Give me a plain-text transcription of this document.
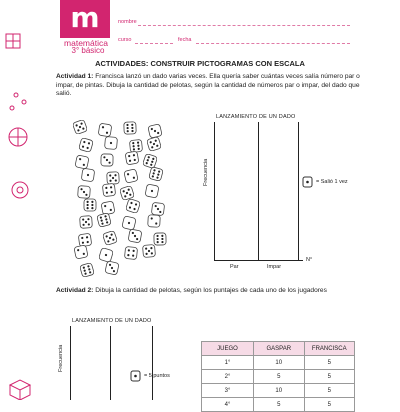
m
matemática
3° básico
nombre
curso	fecha
ACTIVIDADES: CONSTRUIR PICTOGRAMAS CON ESCALA
Actividad 1: Francisca lanzó un dado varias veces. Ella quería saber cuántas veces salía número par o impar, de pintas. Dibuja la cantidad de pelotas, según la cantidad de números par o impar, del dado que salió.
LANZAMIENTO DE UN DADO
Frecuencia
N°
Par	Impar
= Salió 1 vez
Actividad 2: Dibuja la cantidad de pelotas, según los puntajes de cada uno de los jugadores
LANZAMIENTO DE UN DADO
Frecuencia
= 5 puntos
JUEGO	GASPAR	FRANCISCA
1°	10	5
2°	5	5
3°	10	5
4°	5	5
